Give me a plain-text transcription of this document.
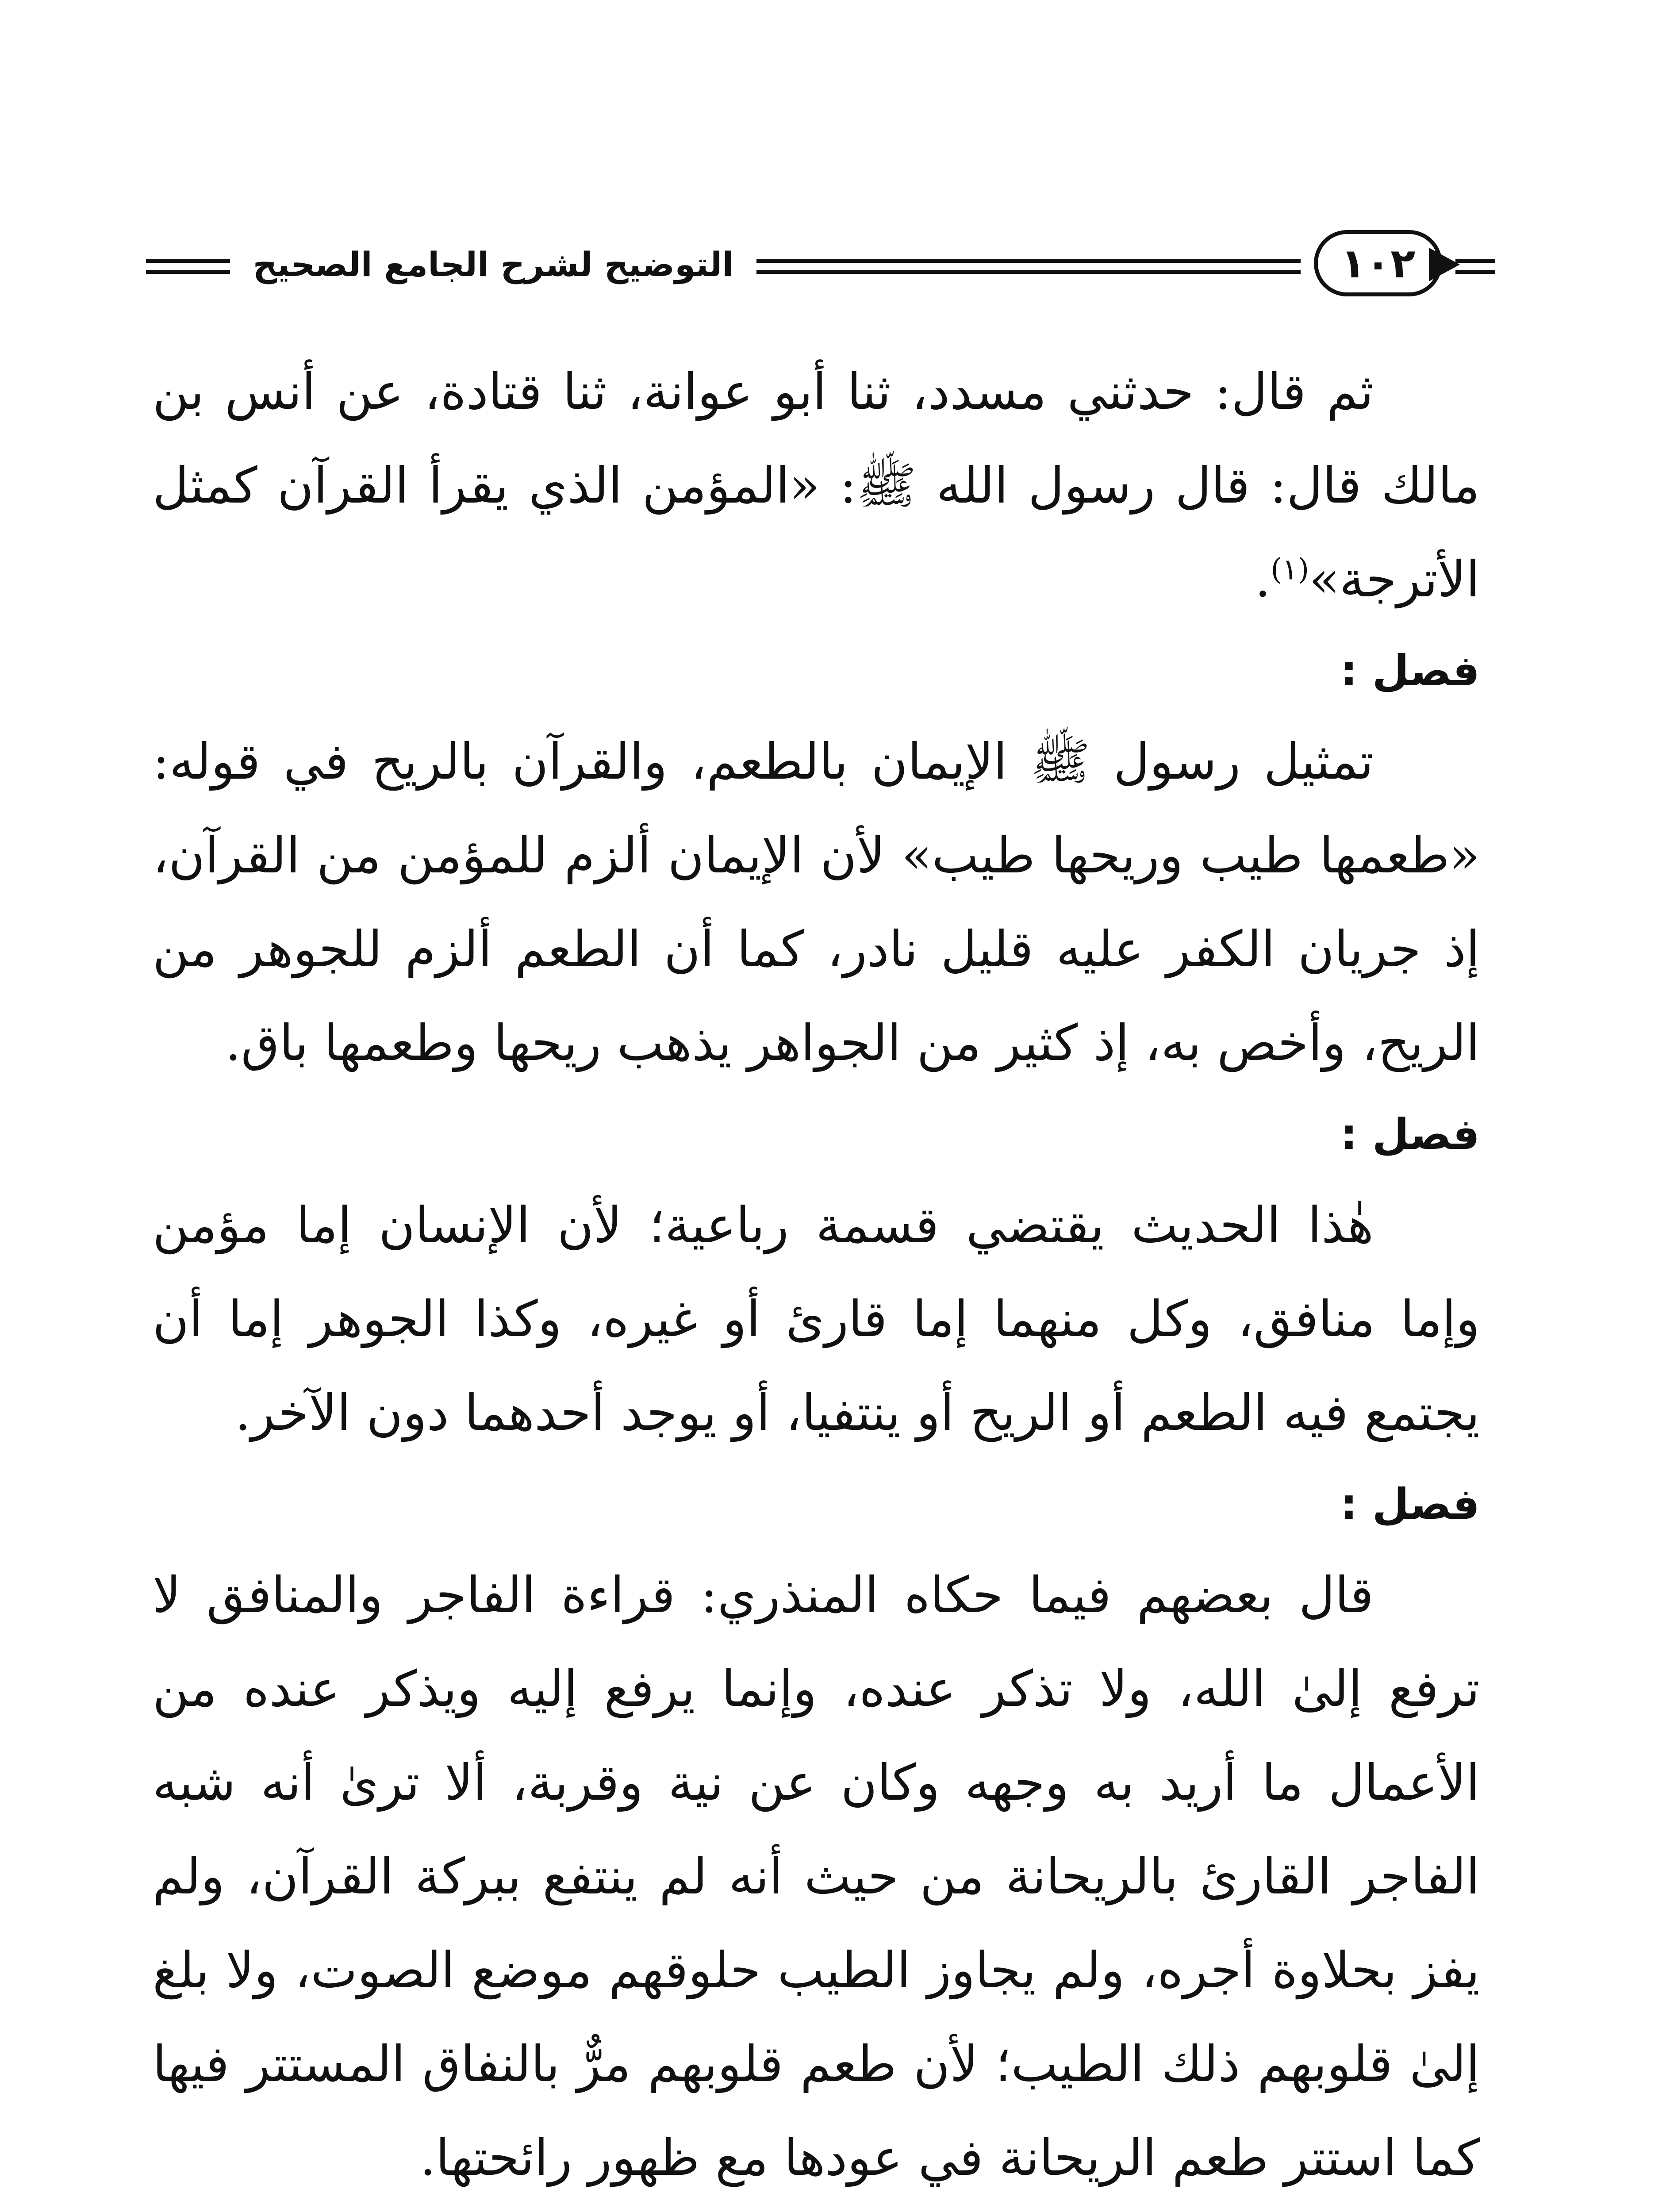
التوضيح لشرح الجامع الصحيح	١٠٢

ثم قال: حدثني مسدد، ثنا أبو عوانة، ثنا قتادة، عن أنس بن مالك قال: قال رسول الله ﷺ: «المؤمن الذي يقرأ القرآن كمثل الأترجة»$^{(١)}$.

فصل :

تمثيل رسول ﷺ الإيمان بالطعم، والقرآن بالريح في قوله: «طعمها طيب وريحها طيب» لأن الإيمان ألزم للمؤمن من القرآن، إذ جريان الكفر عليه قليل نادر، كما أن الطعم ألزم للجوهر من الريح، وأخص به، إذ كثير من الجواهر يذهب ريحها وطعمها باق.

فصل :

هٰذا الحديث يقتضي قسمة رباعية؛ لأن الإنسان إما مؤمن وإما منافق، وكل منهما إما قارئ أو غيره، وكذا الجوهر إما أن يجتمع فيه الطعم أو الريح أو ينتفيا، أو يوجد أحدهما دون الآخر.

فصل :

قال بعضهم فيما حكاه المنذري: قراءة الفاجر والمنافق لا ترفع إلىٰ الله، ولا تذكر عنده، وإنما يرفع إليه ويذكر عنده من الأعمال ما أريد به وجهه وكان عن نية وقربة، ألا ترىٰ أنه شبه الفاجر القارئ بالريحانة من حيث أنه لم ينتفع ببركة القرآن، ولم يفز بحلاوة أجره، ولم يجاوز الطيب حلوقهم موضع الصوت، ولا بلغ إلىٰ قلوبهم ذلك الطيب؛ لأن طعم قلوبهم مرٌّ بالنفاق المستتر فيها كما استتر طعم الريحانة في عودها مع ظهور رائحتها.
